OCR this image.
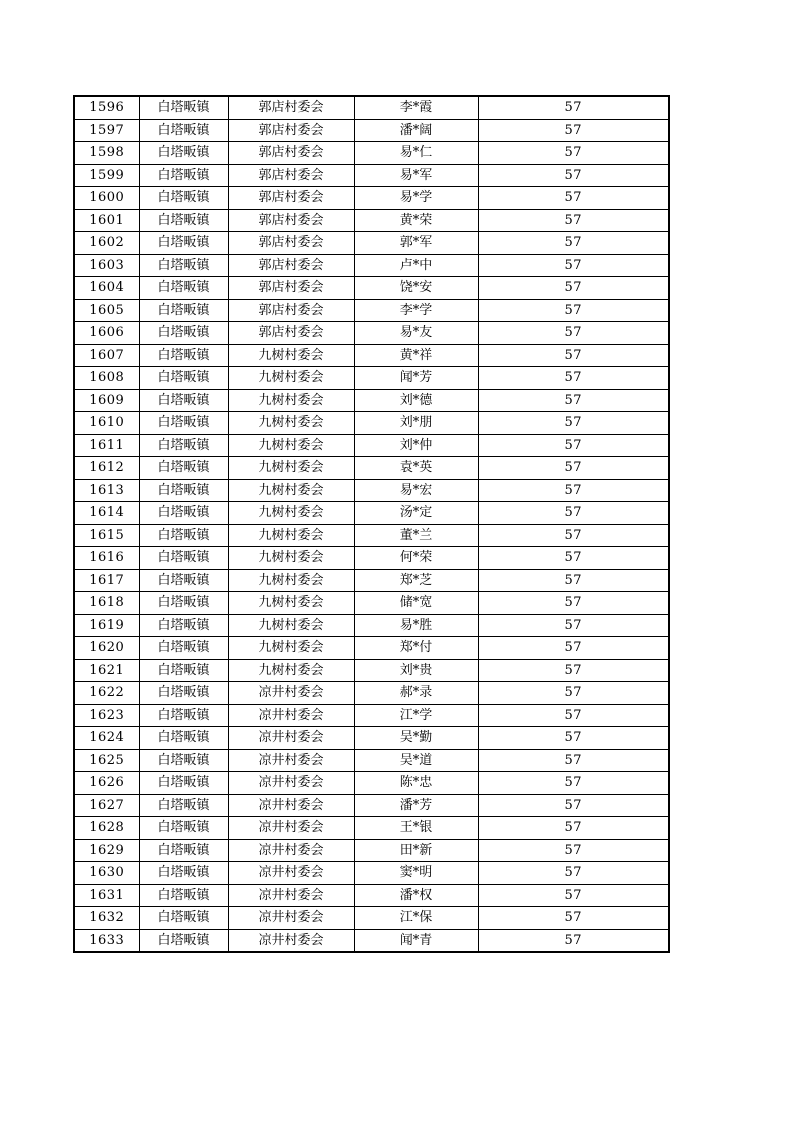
1596	白塔畈镇	郭店村委会	李*霞	57
1597	白塔畈镇	郭店村委会	潘*阔	57
1598	白塔畈镇	郭店村委会	易*仁	57
1599	白塔畈镇	郭店村委会	易*军	57
1600	白塔畈镇	郭店村委会	易*学	57
1601	白塔畈镇	郭店村委会	黄*荣	57
1602	白塔畈镇	郭店村委会	郭*军	57
1603	白塔畈镇	郭店村委会	卢*中	57
1604	白塔畈镇	郭店村委会	饶*安	57
1605	白塔畈镇	郭店村委会	李*学	57
1606	白塔畈镇	郭店村委会	易*友	57
1607	白塔畈镇	九树村委会	黄*祥	57
1608	白塔畈镇	九树村委会	闻*芳	57
1609	白塔畈镇	九树村委会	刘*德	57
1610	白塔畈镇	九树村委会	刘*朋	57
1611	白塔畈镇	九树村委会	刘*仲	57
1612	白塔畈镇	九树村委会	袁*英	57
1613	白塔畈镇	九树村委会	易*宏	57
1614	白塔畈镇	九树村委会	汤*定	57
1615	白塔畈镇	九树村委会	董*兰	57
1616	白塔畈镇	九树村委会	何*荣	57
1617	白塔畈镇	九树村委会	郑*芝	57
1618	白塔畈镇	九树村委会	储*宽	57
1619	白塔畈镇	九树村委会	易*胜	57
1620	白塔畈镇	九树村委会	郑*付	57
1621	白塔畈镇	九树村委会	刘*贵	57
1622	白塔畈镇	凉井村委会	郝*录	57
1623	白塔畈镇	凉井村委会	江*学	57
1624	白塔畈镇	凉井村委会	吴*勤	57
1625	白塔畈镇	凉井村委会	吴*道	57
1626	白塔畈镇	凉井村委会	陈*忠	57
1627	白塔畈镇	凉井村委会	潘*芳	57
1628	白塔畈镇	凉井村委会	王*银	57
1629	白塔畈镇	凉井村委会	田*新	57
1630	白塔畈镇	凉井村委会	窦*明	57
1631	白塔畈镇	凉井村委会	潘*权	57
1632	白塔畈镇	凉井村委会	江*保	57
1633	白塔畈镇	凉井村委会	闻*青	57
